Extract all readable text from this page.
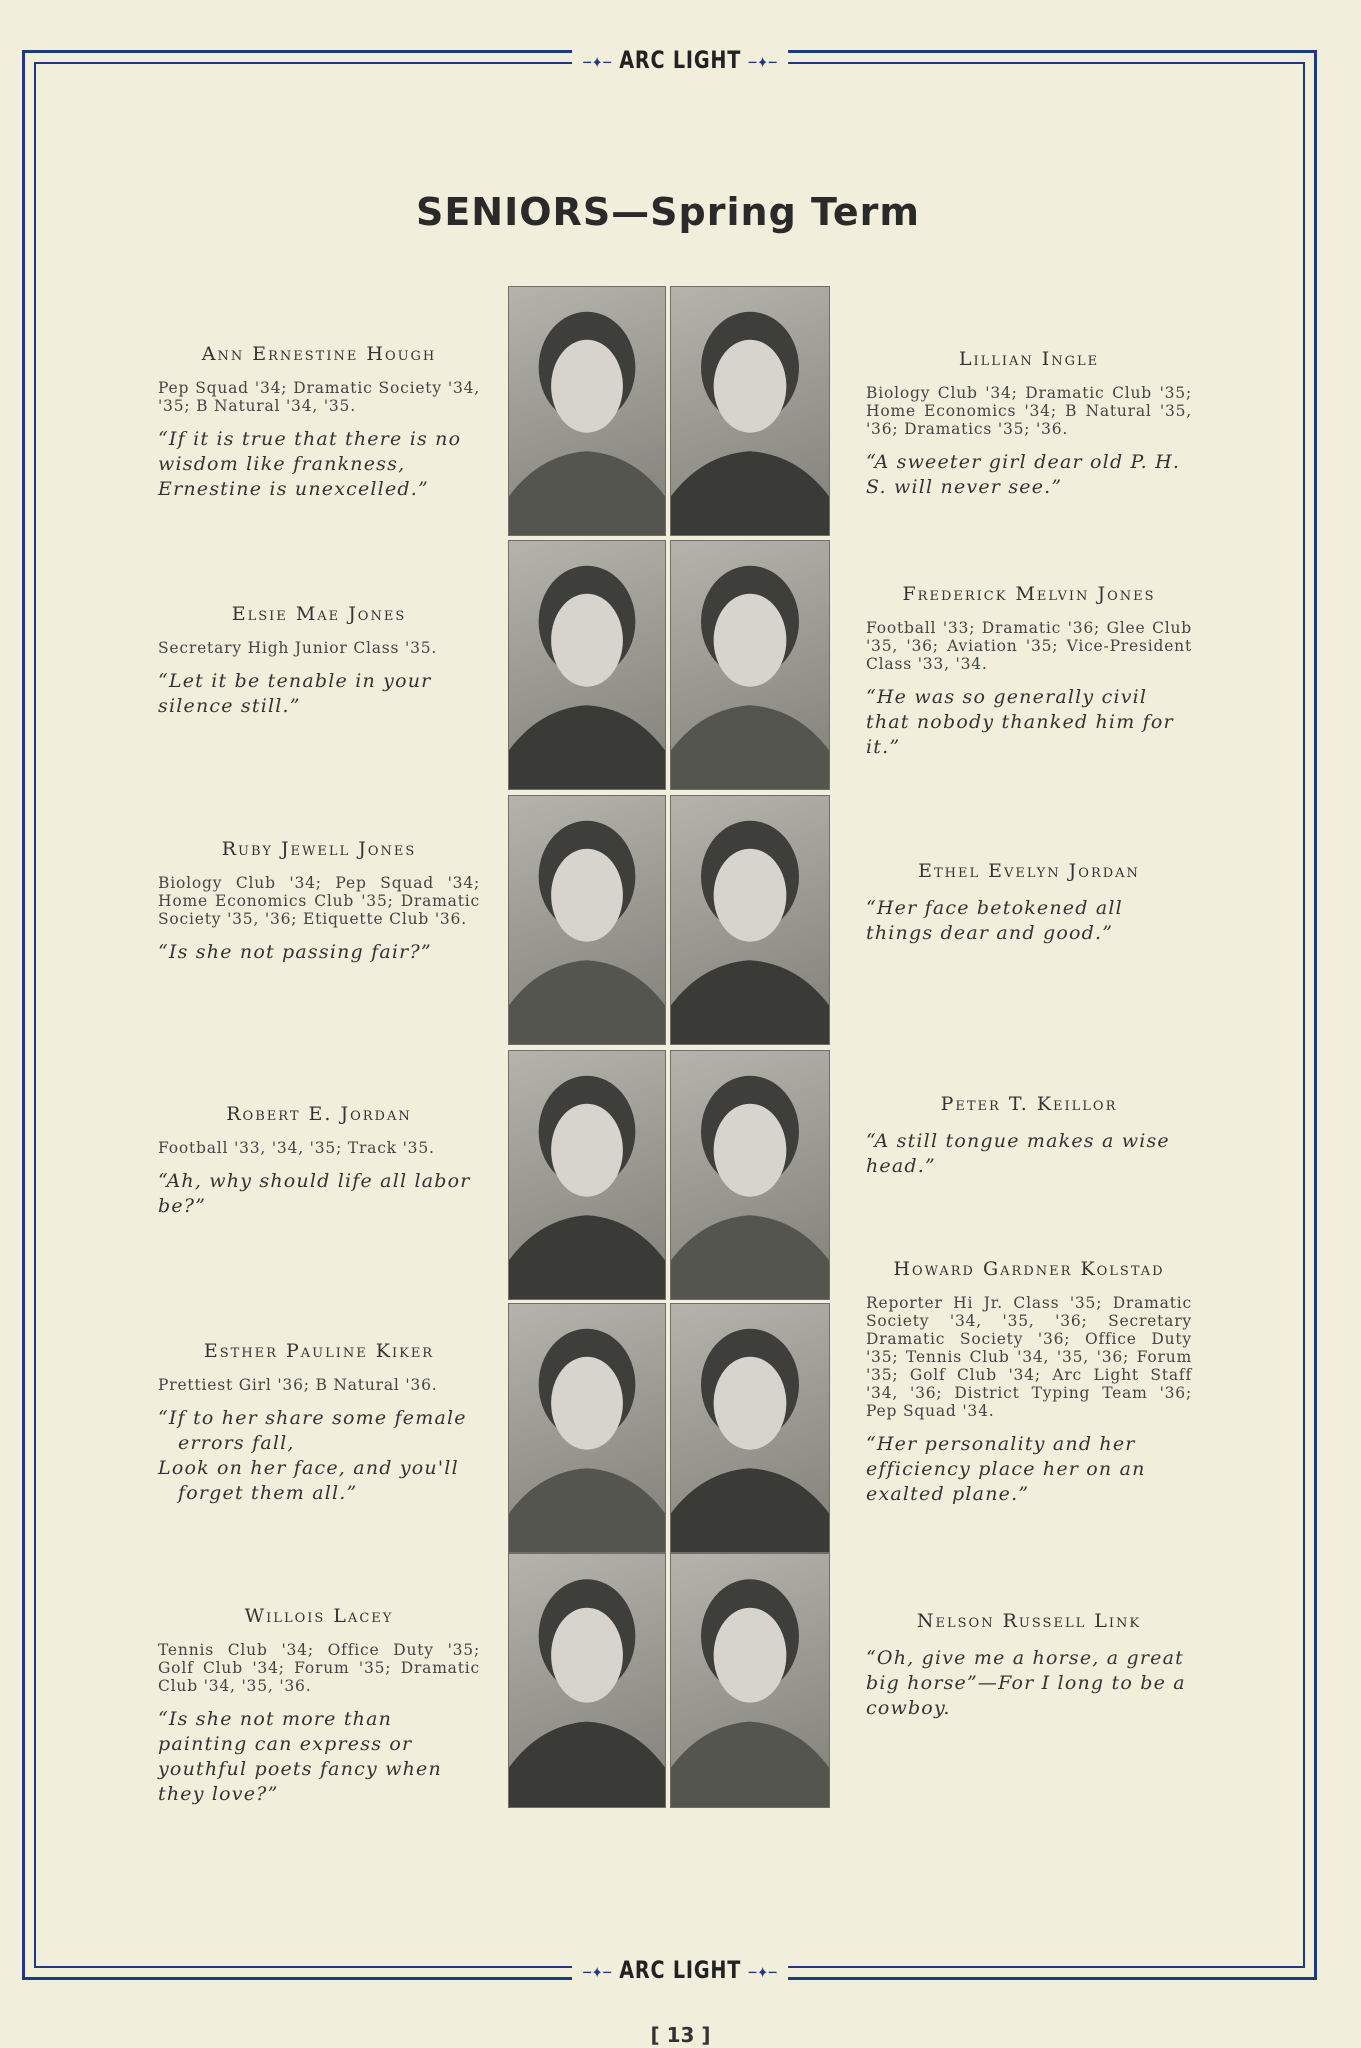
─✦─ ARC LIGHT ─✦─
SENIORS—Spring Term

Ann Ernestine Hough

Pep Squad '34; Dramatic Society '34, '35; B Natural '34, '35.

“If it is true that there is no wisdom like frankness, Ernestine is unexcelled.”

Elsie Mae Jones

Secretary High Junior Class '35.

“Let it be tenable in your silence still.”

Ruby Jewell Jones

Biology Club '34; Pep Squad '34; Home Economics Club '35; Dramatic Society '35, '36; Etiquette Club '36.

“Is she not passing fair?”

Robert E. Jordan

Football '33, '34, '35; Track '35.

“Ah, why should life all labor be?”

Esther Pauline Kiker

Prettiest Girl '36; B Natural '36.

“If to her share some female
errors fall,
Look on her face, and you'll
forget them all.”

Willois Lacey

Tennis Club '34; Office Duty '35; Golf Club '34; Forum '35; Dramatic Club '34, '35, '36.

“Is she not more than painting can express or youthful poets fancy when they love?”

Lillian Ingle

Biology Club '34; Dramatic Club '35; Home Economics '34; B Natural '35, '36; Dramatics '35; '36.

“A sweeter girl dear old P. H. S. will never see.”

Frederick Melvin Jones

Football '33; Dramatic '36; Glee Club '35, '36; Aviation '35; Vice-President Class '33, '34.

“He was so generally civil that nobody thanked him for it.”

Ethel Evelyn Jordan

“Her face betokened all things dear and good.”

Peter T. Keillor

“A still tongue makes a wise head.”

Howard Gardner Kolstad

Reporter Hi Jr. Class '35; Dramatic Society '34, '35, '36; Secretary Dramatic Society '36; Office Duty '35; Tennis Club '34, '35, '36; Forum '35; Golf Club '34; Arc Light Staff '34, '36; District Typing Team '36; Pep Squad '34.

“Her personality and her efficiency place her on an exalted plane.”

Nelson Russell Link

“Oh, give me a horse, a great big horse”—For I long to be a cowboy.

─✦─ ARC LIGHT ─✦─
[ 13 ]
